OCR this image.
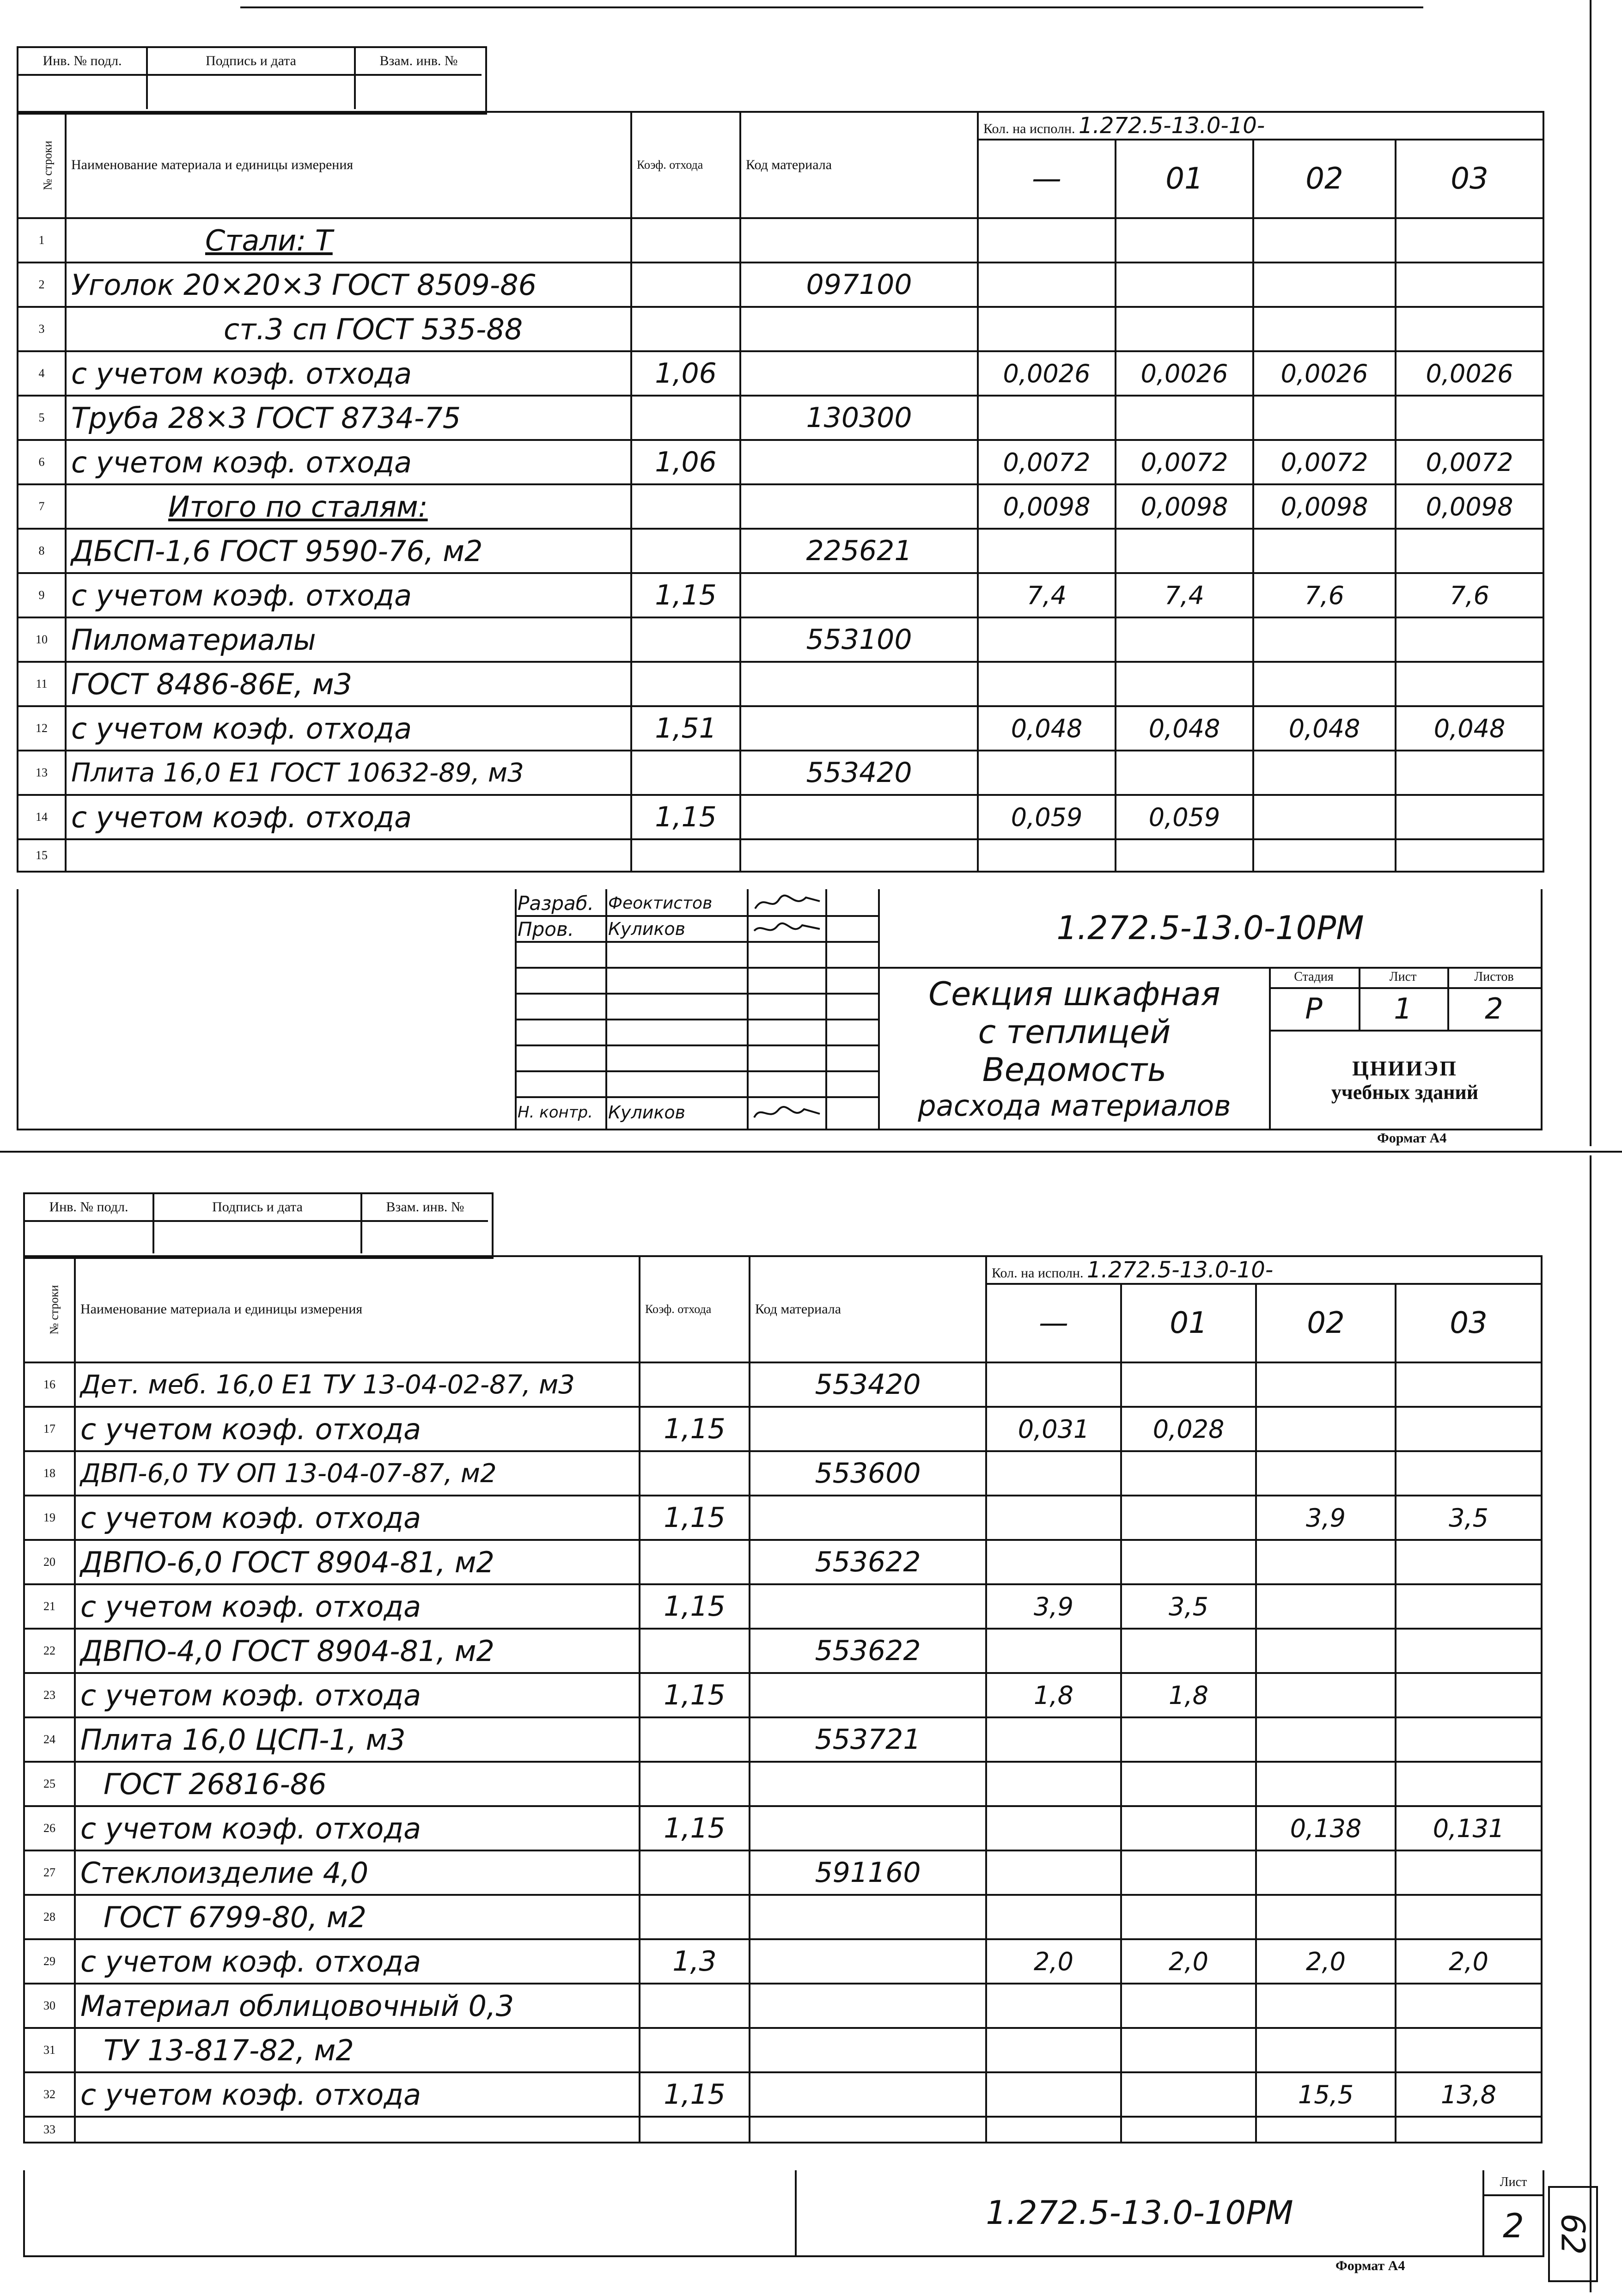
Инв. № подл.	Подпись и дата	Взам. инв. №
№ строки	Наименование материала и единицы измерения	Коэф. отхода	Код материала	Кол. на исполн. 1.272.5-13.0-10-			
				—	01	02	03
1	Стали: Т						
2	Уголок 20×20×3 ГОСТ 8509-86		097100				
3	ст.3 сп ГОСТ 535-88						
4	с учетом коэф. отхода	1,06		0,0026	0,0026	0,0026	0,0026
5	Труба 28×3 ГОСТ 8734-75		130300				
6	с учетом коэф. отхода	1,06		0,0072	0,0072	0,0072	0,0072
7	Итого по сталям:			0,0098	0,0098	0,0098	0,0098
8	ДБСП-1,6 ГОСТ 9590-76, м2		225621				
9	с учетом коэф. отхода	1,15		7,4	7,4	7,6	7,6
10	Пиломатериалы		553100				
11	ГОСТ 8486-86Е, м3						
12	с учетом коэф. отхода	1,51		0,048	0,048	0,048	0,048
13	Плита 16,0 Е1 ГОСТ 10632-89, м3		553420				
14	с учетом коэф. отхода	1,15		0,059	0,059		
15							
Разраб. Феоктистов
Пров.	Куликов
Н. контр. Куликов
1.272.5-13.0-10РМ
Секция шкафная
с теплицей
Ведомость
расхода материалов
Стадия	Лист	Листов
Р	1	2
ЦНИИЭП
учебных зданий
Формат А4
Инв. № подл.	Подпись и дата	Взам. инв. №
№ строки	Наименование материала и единицы измерения	Коэф. отхода	Код материала	Кол. на исполн. 1.272.5-13.0-10-			
				—	01	02	03
16	Дет. меб. 16,0 Е1 ТУ 13-04-02-87, м3		553420				
17	с учетом коэф. отхода	1,15		0,031	0,028		
18	ДВП-6,0 ТУ ОП 13-04-07-87, м2		553600				
19	с учетом коэф. отхода	1,15				3,9	3,5
20	ДВПО-6,0 ГОСТ 8904-81, м2		553622				
21	с учетом коэф. отхода	1,15		3,9	3,5		
22	ДВПО-4,0 ГОСТ 8904-81, м2		553622				
23	с учетом коэф. отхода	1,15		1,8	1,8		
24	Плита 16,0 ЦСП-1, м3		553721				
25	ГОСТ 26816-86						
26	с учетом коэф. отхода	1,15				0,138	0,131
27	Стеклоизделие 4,0		591160				
28	ГОСТ 6799-80, м2						
29	с учетом коэф. отхода	1,3		2,0	2,0	2,0	2,0
30	Материал облицовочный 0,3						
31	ТУ 13-817-82, м2						
32	с учетом коэф. отхода	1,15				15,5	13,8
33							
1.272.5-13.0-10РМ
Лист
2
Формат А4
62
